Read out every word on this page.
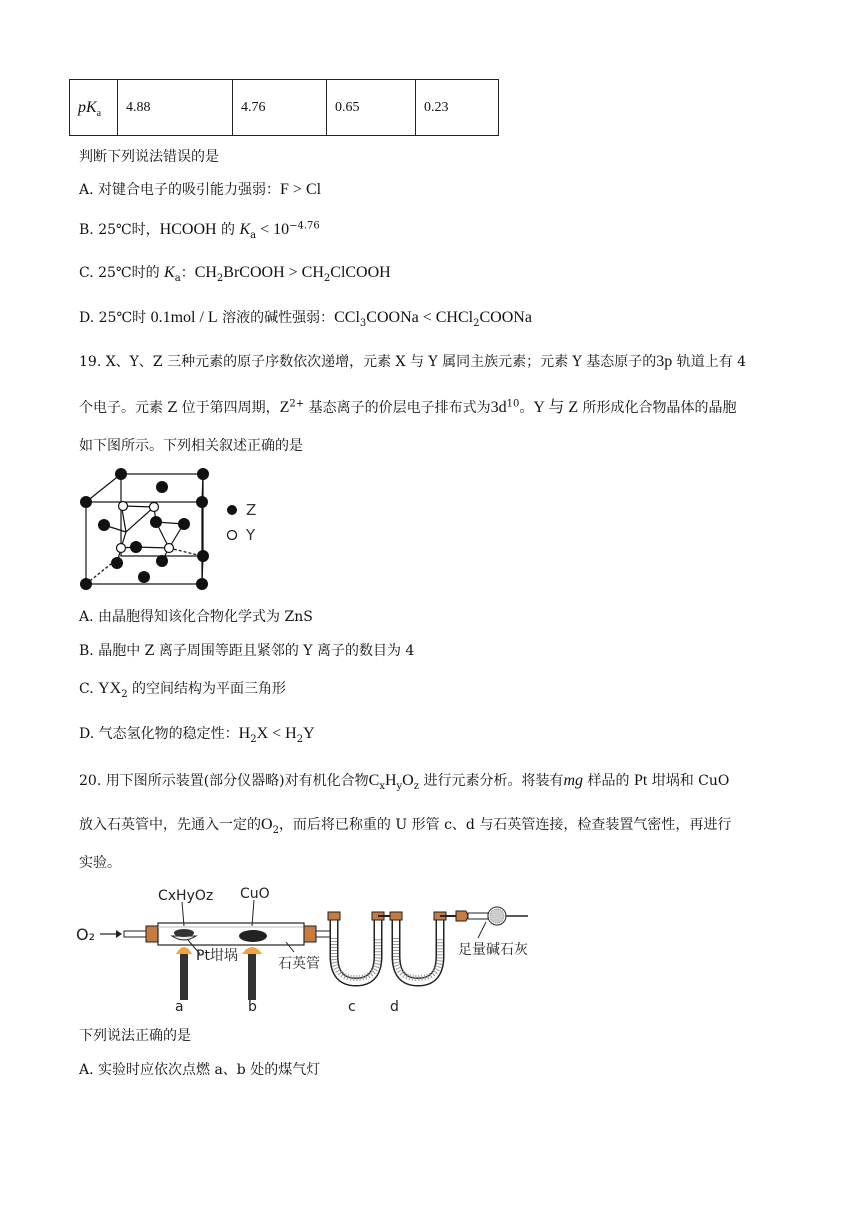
$pK_a$	4.88	4.76	0.65	0.23
判断下列说法错误的是
A. 对键合电子的吸引能力强弱：F > Cl
B. 25℃时，HCOOH 的 $K_a < 10^{-4.76}$
C. 25℃时的 $K_a$：$CH_2BrCOOH$ > $CH_2ClCOOH$
D. 25℃时 0.1mol / L 溶液的碱性强弱：CCl$_3$COONa < CHCl$_2$COONa
19. X、Y、Z 三种元素的原子序数依次递增，元素 X 与 Y 属同主族元素；元素 Y 基态原子的3p 轨道上有 4
个电子。元素 Z 位于第四周期，$Z^{2+}$ 基态离子的价层电子排布式为$3d^{10}$。Y 与 Z 所形成化合物晶体的晶胞
如下图所示。下列相关叙述正确的是
Z
Y
A. 由晶胞得知该化合物化学式为 ZnS
B. 晶胞中 Z 离子周围等距且紧邻的 Y 离子的数目为 4
C. $YX_2$ 的空间结构为平面三角形
D. 气态氢化物的稳定性：$H_2X < H_2Y$
20. 用下图所示装置(部分仪器略)对有机化合物$C_xH_yO_z$ 进行元素分析。将装有mg 样品的 Pt 坩埚和 CuO
放入石英管中，先通入一定的$O_2$，而后将已称重的 U 形管 c、d 与石英管连接，检查装置气密性，再进行
实验。
CxHyOz CuO
O₂
Pt坩埚	石英管
a	b	c d
足量碱石灰
下列说法正确的是
A. 实验时应依次点燃 a、b 处的煤气灯
